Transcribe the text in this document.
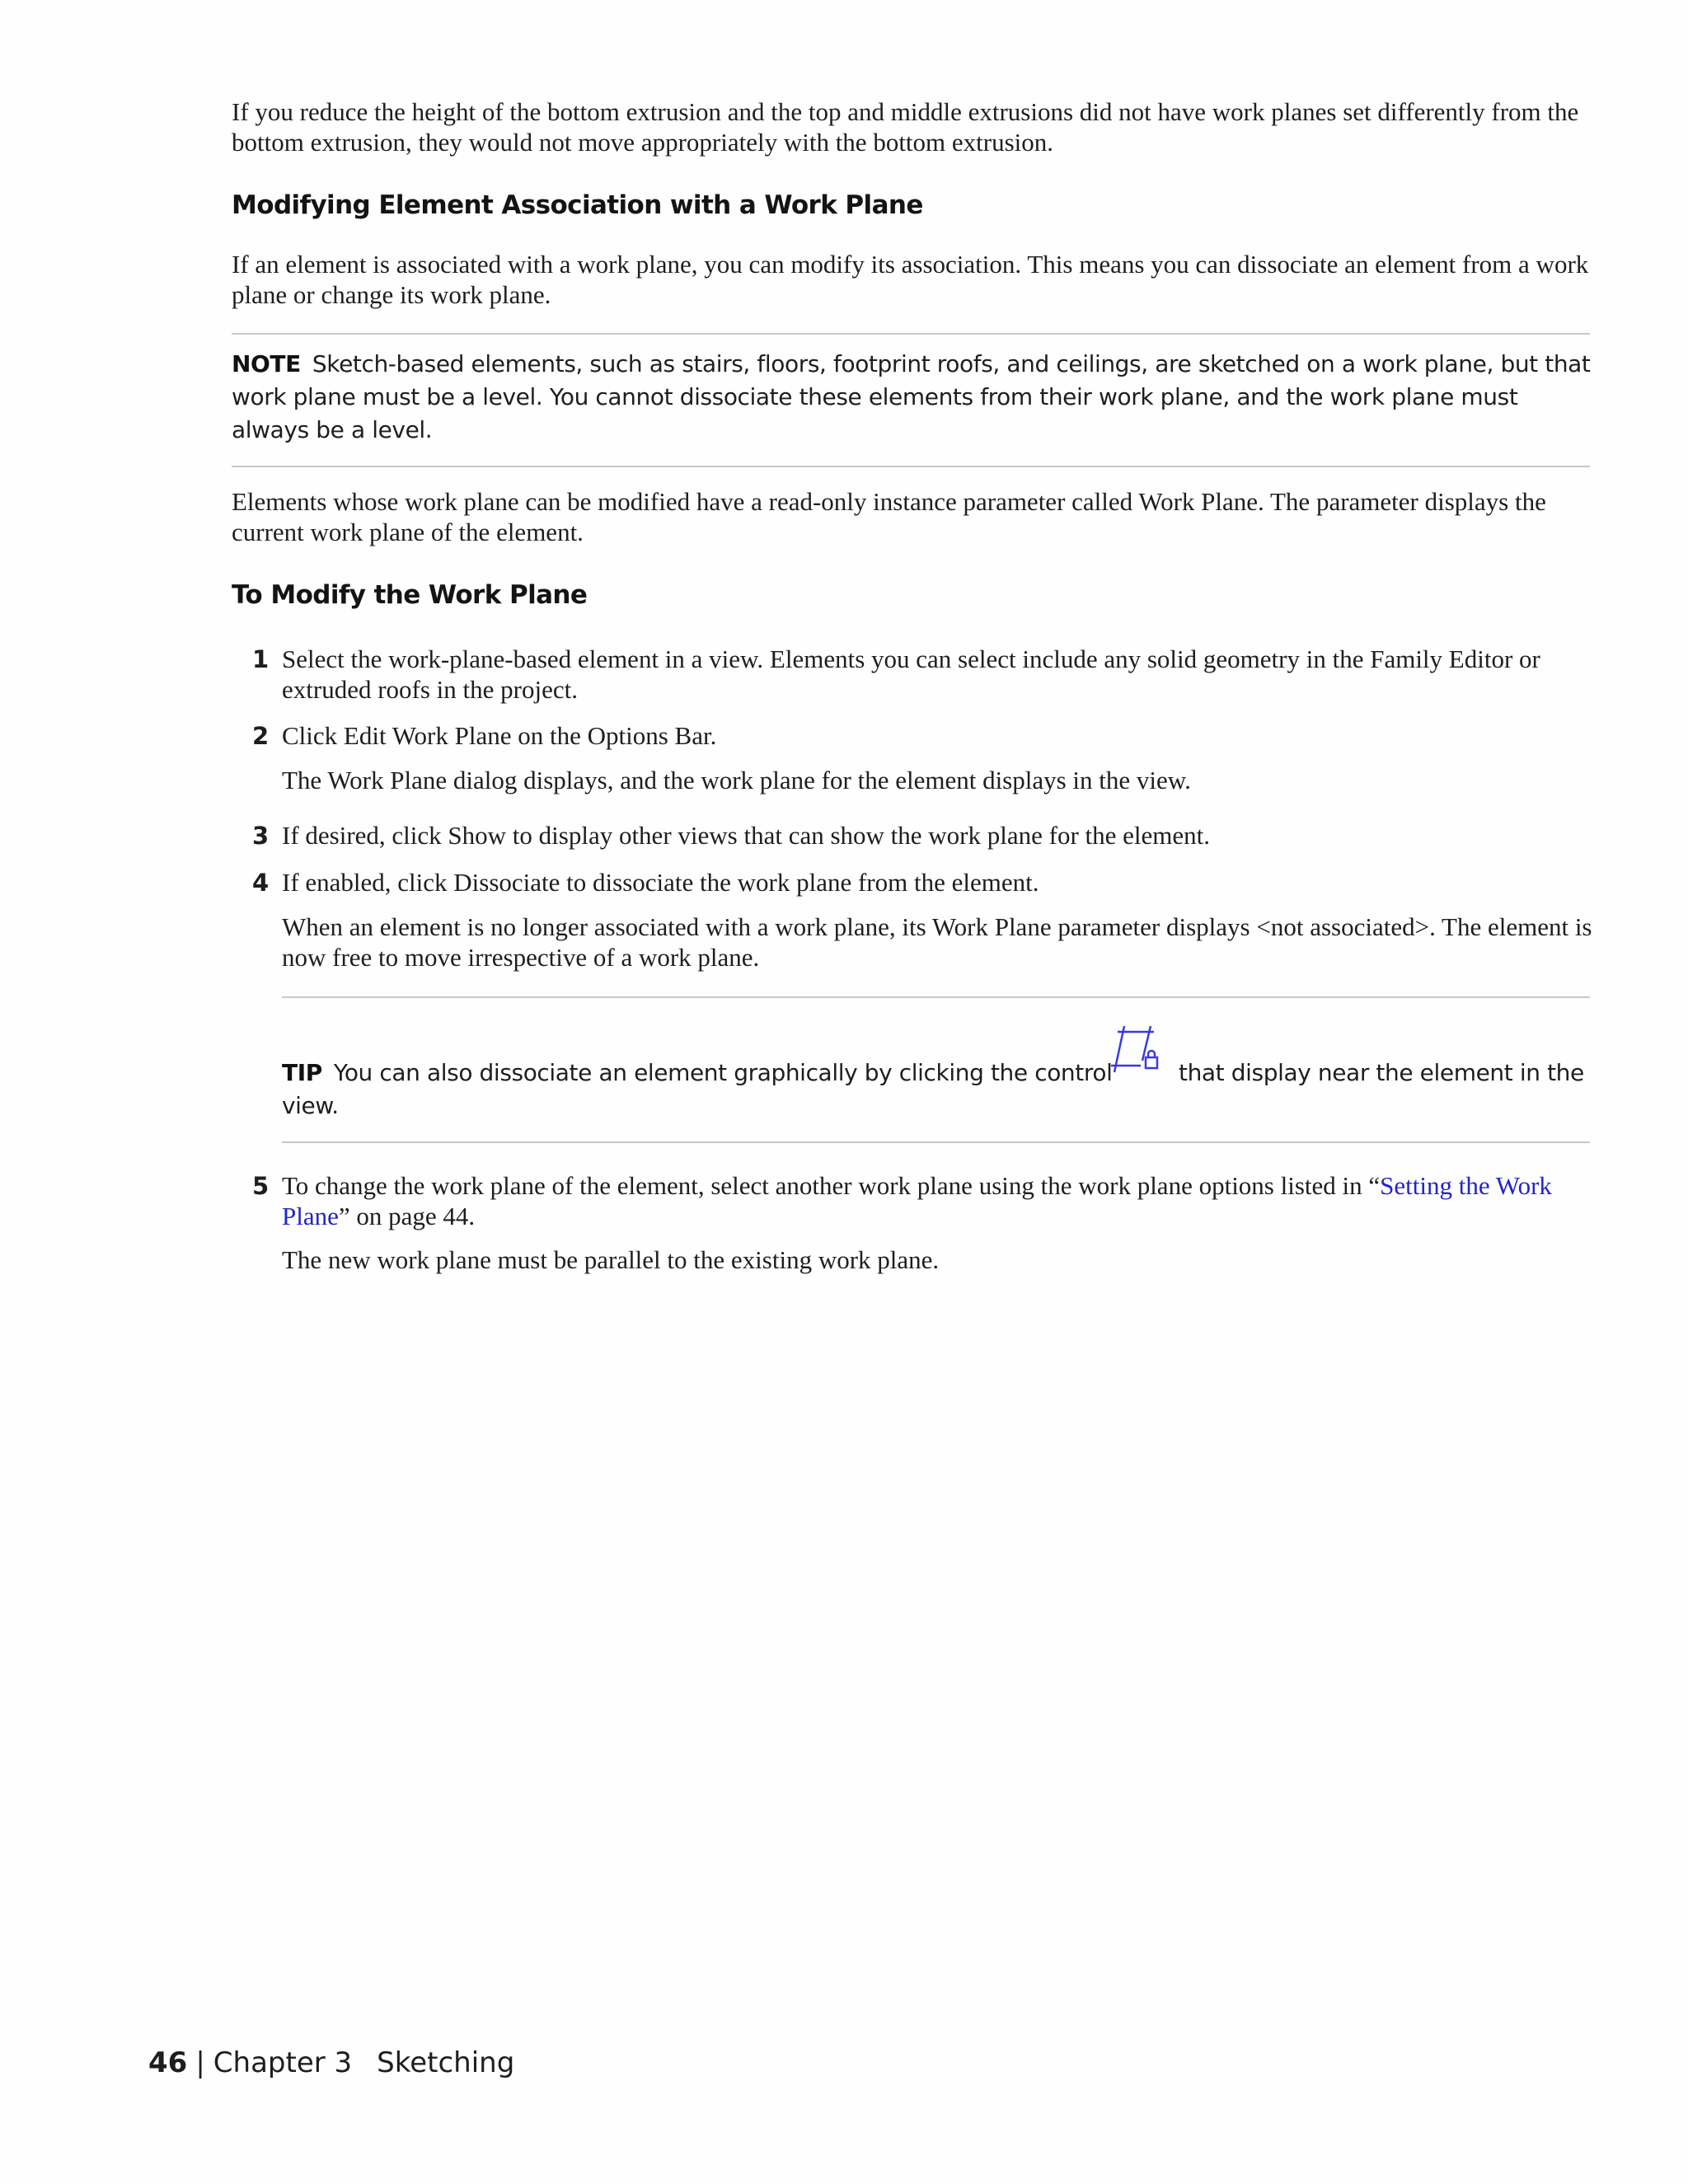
If you reduce the height of the bottom extrusion and the top and middle extrusions did not have work planes set differently from the bottom extrusion, they would not move appropriately with the bottom extrusion.

Modifying Element Association with a Work Plane

If an element is associated with a work plane, you can modify its association. This means you can dissociate an element from a work plane or change its work plane.

NOTE Sketch-based elements, such as stairs, floors, footprint roofs, and ceilings, are sketched on a work plane, but that work plane must be a level. You cannot dissociate these elements from their work plane, and the work plane must always be a level.

Elements whose work plane can be modified have a read-only instance parameter called Work Plane. The parameter displays the current work plane of the element.

To Modify the Work Plane
1 Select the work-plane-based element in a view. Elements you can select include any solid geometry in the Family Editor or extruded roofs in the project.

2 Click Edit Work Plane on the Options Bar.

The Work Plane dialog displays, and the work plane for the element displays in the view.

3 If desired, click Show to display other views that can show the work plane for the element.

4 If enabled, click Dissociate to dissociate the work plane from the element.

When an element is no longer associated with a work plane, its Work Plane parameter displays <not associated>. The element is now free to move irrespective of a work plane.

TIP You can also dissociate an element graphically by clicking the control	that display near the element in the
view.
5 To change the work plane of the element, select another work plane using the work plane options listed in “Setting the Work Plane” on page 44.

The new work plane must be parallel to the existing work plane.

46 | Chapter 3 Sketching
